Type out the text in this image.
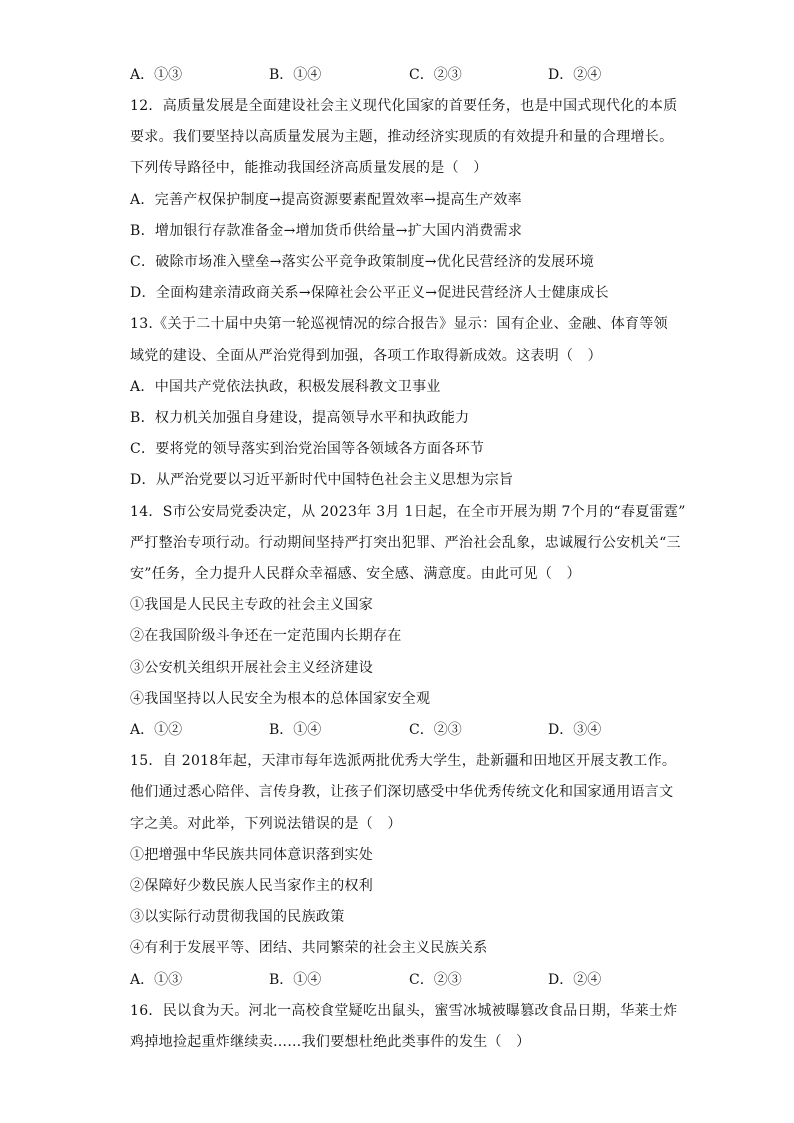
A．①③	B．①④	C．②③	D．②④
12．高质量发展是全面建设社会主义现代化国家的首要任务，也是中国式现代化的本质
要求。我们要坚持以高质量发展为主题，推动经济实现质的有效提升和量的合理增长。
下列传导路径中，能推动我国经济高质量发展的是（　）
A．完善产权保护制度→提高资源要素配置效率→提高生产效率
B．增加银行存款准备金→增加货币供给量→扩大国内消费需求
C．破除市场准入壁垒→落实公平竞争政策制度→优化民营经济的发展环境
D．全面构建亲清政商关系→保障社会公平正义→促进民营经济人士健康成长
13.《关于二十届中央第一轮巡视情况的综合报告》显示：国有企业、金融、体育等领
域党的建设、全面从严治党得到加强，各项工作取得新成效。这表明（　）
A．中国共产党依法执政，积极发展科教文卫事业
B．权力机关加强自身建设，提高领导水平和执政能力
C．要将党的领导落实到治党治国等各领域各方面各环节
D．从严治党要以习近平新时代中国特色社会主义思想为宗旨
14．S市公安局党委决定，从 2023年 3月 1日起，在全市开展为期 7个月的“春夏雷霆”
严打整治专项行动。行动期间坚持严打突出犯罪、严治社会乱象，忠诚履行公安机关“三
安”任务，全力提升人民群众幸福感、安全感、满意度。由此可见（　）
①我国是人民民主专政的社会主义国家
②在我国阶级斗争还在一定范围内长期存在
③公安机关组织开展社会主义经济建设
④我国坚持以人民安全为根本的总体国家安全观
A．①②	B．①④	C．②③	D．③④
15．自 2018年起，天津市每年选派两批优秀大学生，赴新疆和田地区开展支教工作。
他们通过悉心陪伴、言传身教，让孩子们深切感受中华优秀传统文化和国家通用语言文
字之美。对此举，下列说法错误的是（　）
①把增强中华民族共同体意识落到实处
②保障好少数民族人民当家作主的权利
③以实际行动贯彻我国的民族政策
④有利于发展平等、团结、共同繁荣的社会主义民族关系
A．①③	B．①④	C．②③	D．②④
16．民以食为天。河北一高校食堂疑吃出鼠头，蜜雪冰城被曝篡改食品日期，华莱士炸
鸡掉地捡起重炸继续卖……我们要想杜绝此类事件的发生（　）
